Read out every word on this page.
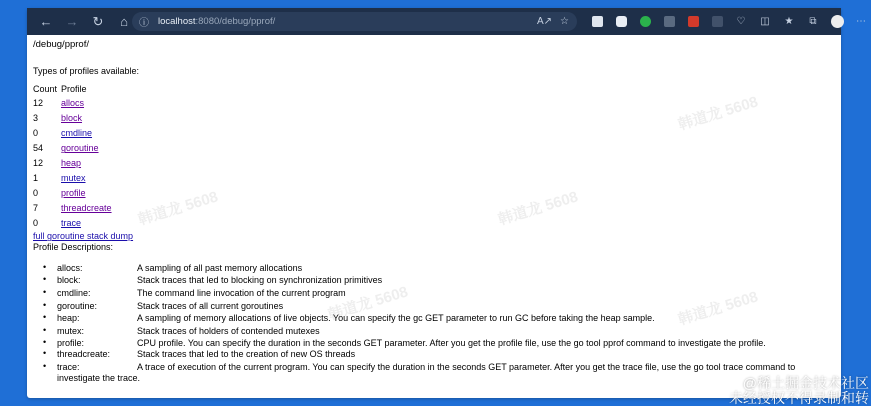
←	→	↻	⌂	ⓘ localhost:8080/debug/pprof/	A↗ ☆	♡ ◫ ★	⧉	⋯
/debug/pprof/

Types of profiles available:

Count	Profile
12	allocs
3	block
0	cmdline
54	goroutine
12	heap
1	mutex
0	profile
7	threadcreate
0	trace
full goroutine stack dump

Profile Descriptions:

• allocs:	A sampling of all past memory allocations
• block:	Stack traces that led to blocking on synchronization primitives
• cmdline:	The command line invocation of the current program
• goroutine:	Stack traces of all current goroutines
• heap:	A sampling of memory allocations of live objects. You can specify the gc GET parameter to run GC before taking the heap sample.
• mutex:	Stack traces of holders of contended mutexes
• profile:	CPU profile. You can specify the duration in the seconds GET parameter. After you get the profile file, use the go tool pprof command to investigate the profile.
• threadcreate:	Stack traces that led to the creation of new OS threads
• trace:	A trace of execution of the current program. You can specify the duration in the seconds GET parameter. After you get the trace file, use the go tool trace command to investigate the trace.
韩道龙 5608
韩道龙 5608	韩道龙 5608
韩道龙 5608	韩道龙 5608
@稀土掘金技术社区
未经授权不得录制和转
